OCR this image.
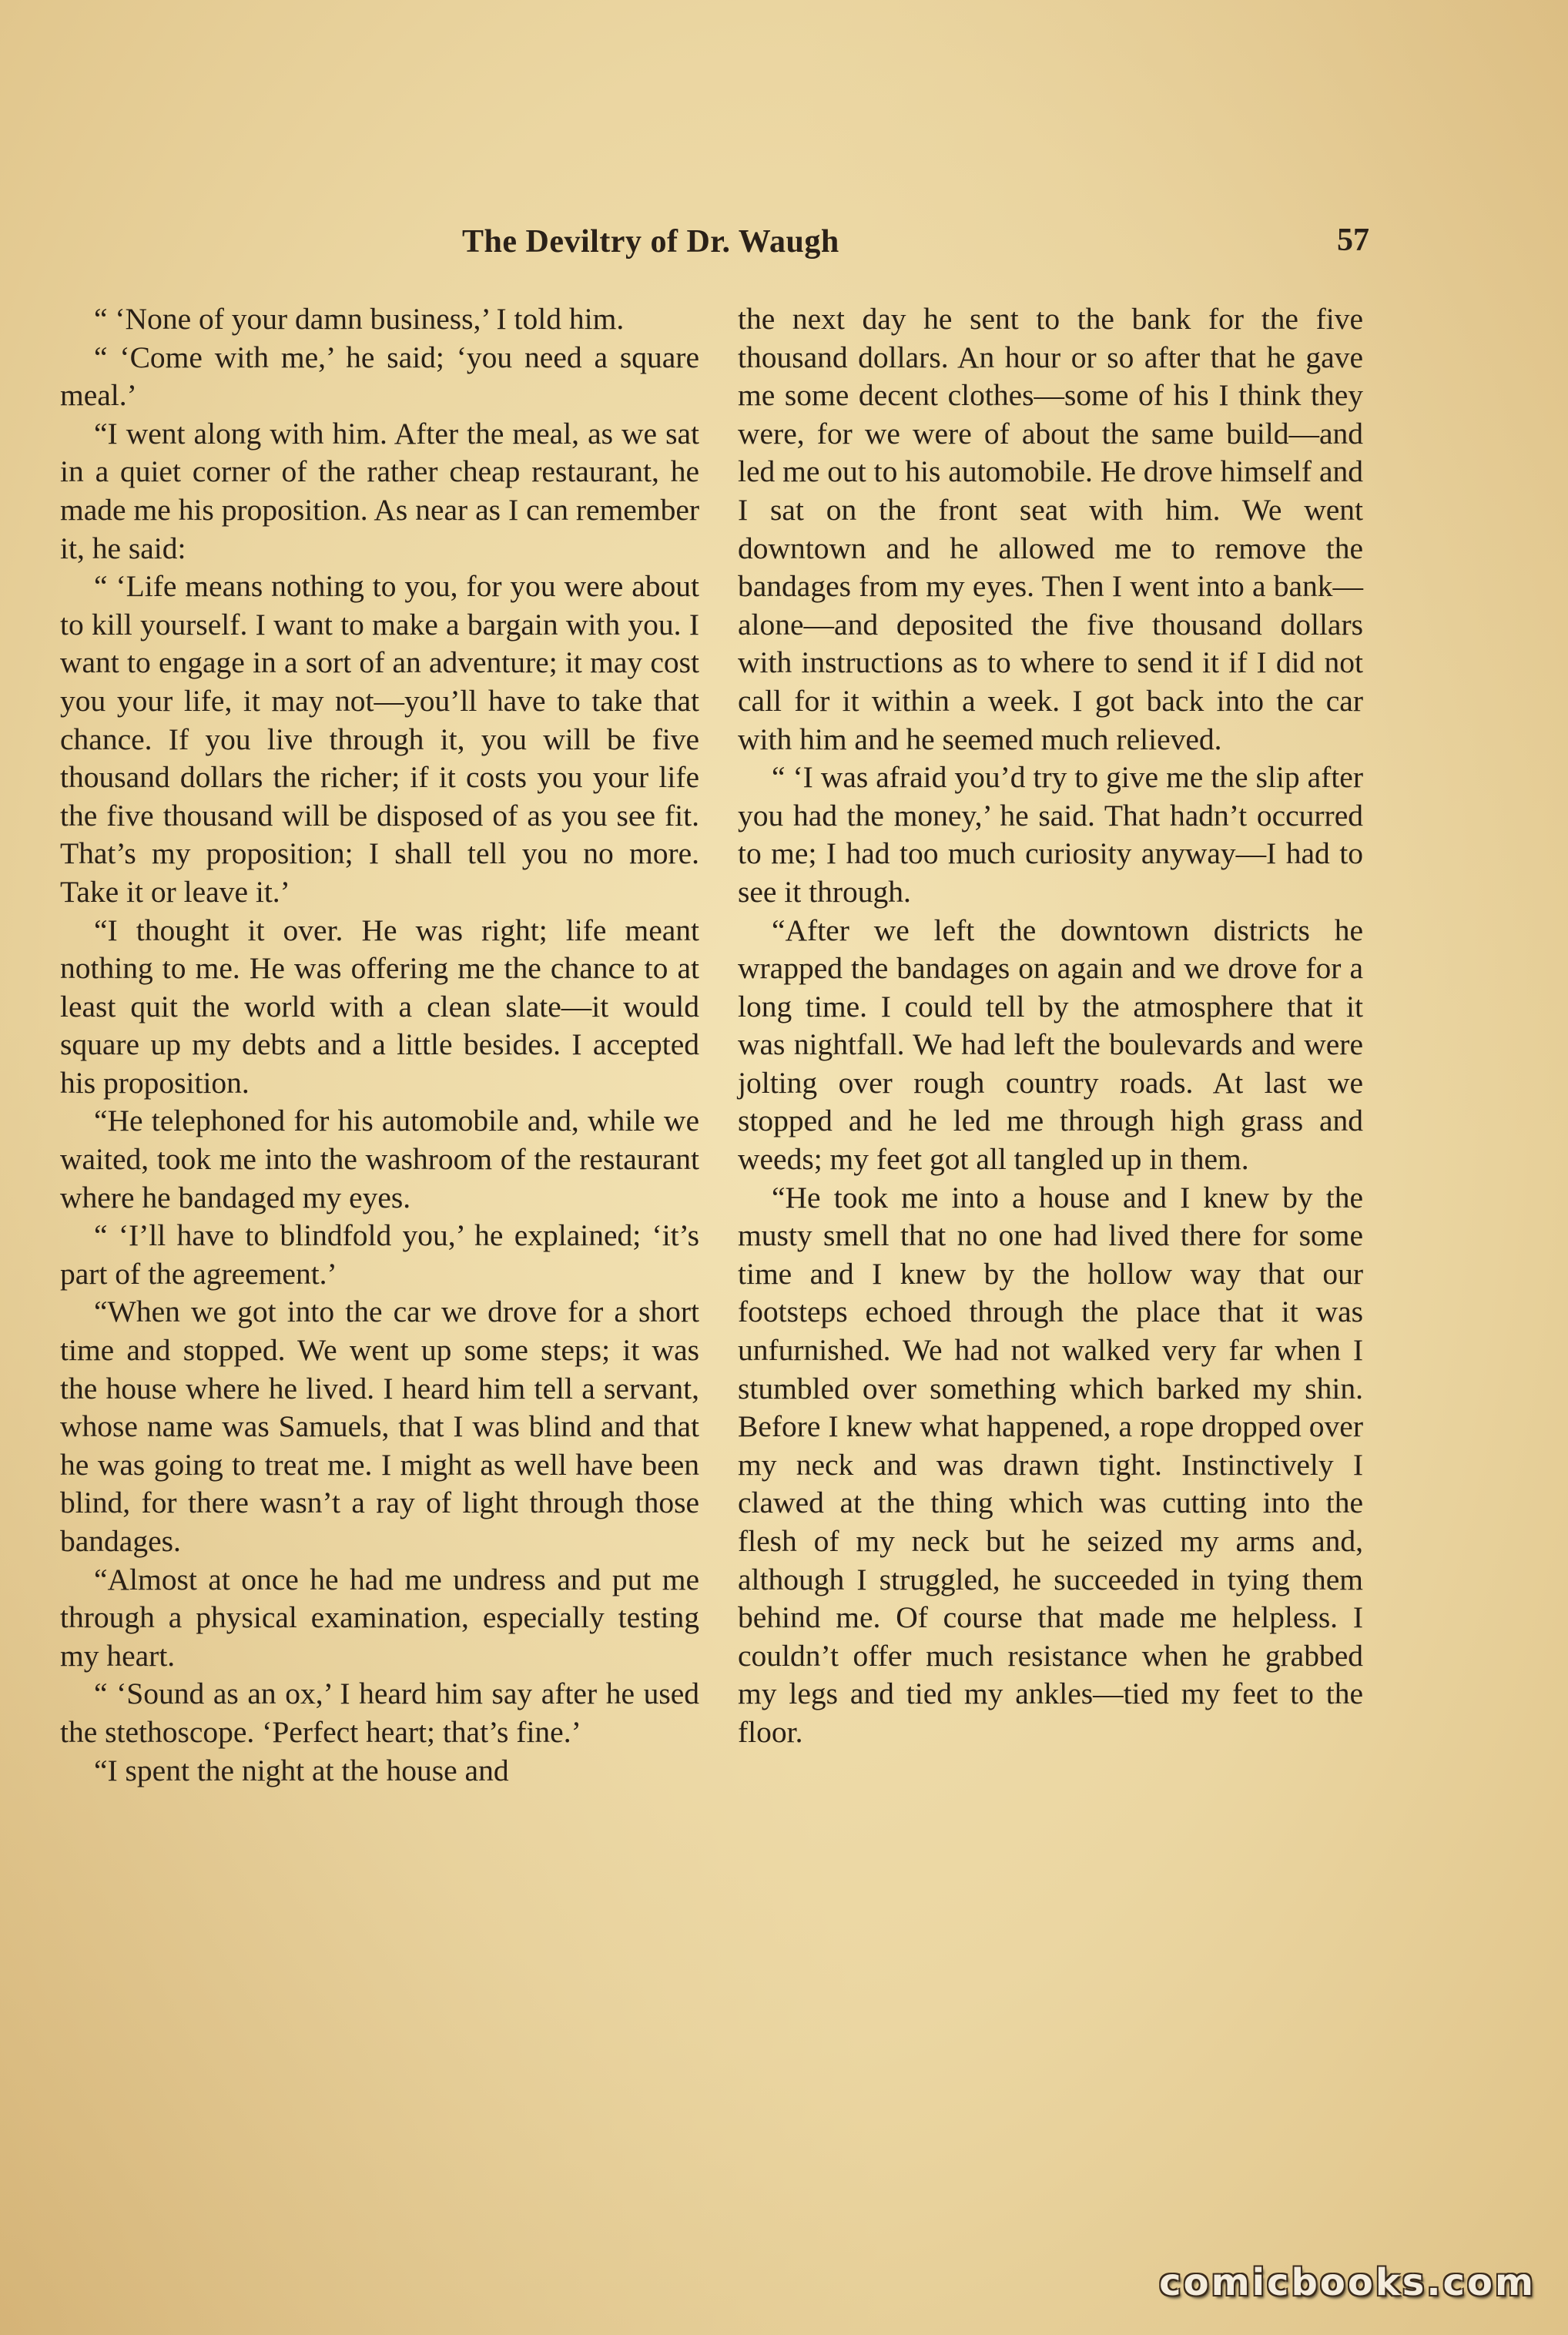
The Deviltry of Dr. Waugh	57

“ ‘None of your damn business,’ I told him.

“ ‘Come with me,’ he said; ‘you need a square meal.’

“I went along with him. After the meal, as we sat in a quiet corner of the rather cheap restaurant, he made me his proposition. As near as I can remember it, he said:

“ ‘Life means nothing to you, for you were about to kill yourself. I want to make a bargain with you. I want to engage in a sort of an adventure; it may cost you your life, it may not—you’ll have to take that chance. If you live through it, you will be five thousand dollars the richer; if it costs you your life the five thousand will be disposed of as you see fit. That’s my proposition; I shall tell you no more. Take it or leave it.’

“I thought it over. He was right; life meant nothing to me. He was offering me the chance to at least quit the world with a clean slate—it would square up my debts and a little besides. I accepted his proposition.

“He telephoned for his automobile and, while we waited, took me into the washroom of the restaurant where he bandaged my eyes.

“ ‘I’ll have to blindfold you,’ he explained; ‘it’s part of the agreement.’

“When we got into the car we drove for a short time and stopped. We went up some steps; it was the house where he lived. I heard him tell a servant, whose name was Samuels, that I was blind and that he was going to treat me. I might as well have been blind, for there wasn’t a ray of light through those bandages.

“Almost at once he had me undress and put me through a physical examination, especially testing my heart.

“ ‘Sound as an ox,’ I heard him say after he used the stethoscope. ‘Perfect heart; that’s fine.’

“I spent the night at the house and

the next day he sent to the bank for the five thousand dollars. An hour or so after that he gave me some decent clothes—some of his I think they were, for we were of about the same build—and led me out to his automobile. He drove himself and I sat on the front seat with him. We went downtown and he allowed me to remove the bandages from my eyes. Then I went into a bank—alone—and deposited the five thousand dollars with instructions as to where to send it if I did not call for it within a week. I got back into the car with him and he seemed much relieved.

“ ‘I was afraid you’d try to give me the slip after you had the money,’ he said. That hadn’t occurred to me; I had too much curiosity anyway—I had to see it through.

“After we left the downtown districts he wrapped the bandages on again and we drove for a long time. I could tell by the atmosphere that it was nightfall. We had left the boulevards and were jolting over rough country roads. At last we stopped and he led me through high grass and weeds; my feet got all tangled up in them.

“He took me into a house and I knew by the musty smell that no one had lived there for some time and I knew by the hollow way that our footsteps echoed through the place that it was unfurnished. We had not walked very far when I stumbled over something which barked my shin. Before I knew what happened, a rope dropped over my neck and was drawn tight. Instinctively I clawed at the thing which was cutting into the flesh of my neck but he seized my arms and, although I struggled, he succeeded in tying them behind me. Of course that made me helpless. I couldn’t offer much resistance when he grabbed my legs and tied my ankles—tied my feet to the floor.

comicbooks.com
